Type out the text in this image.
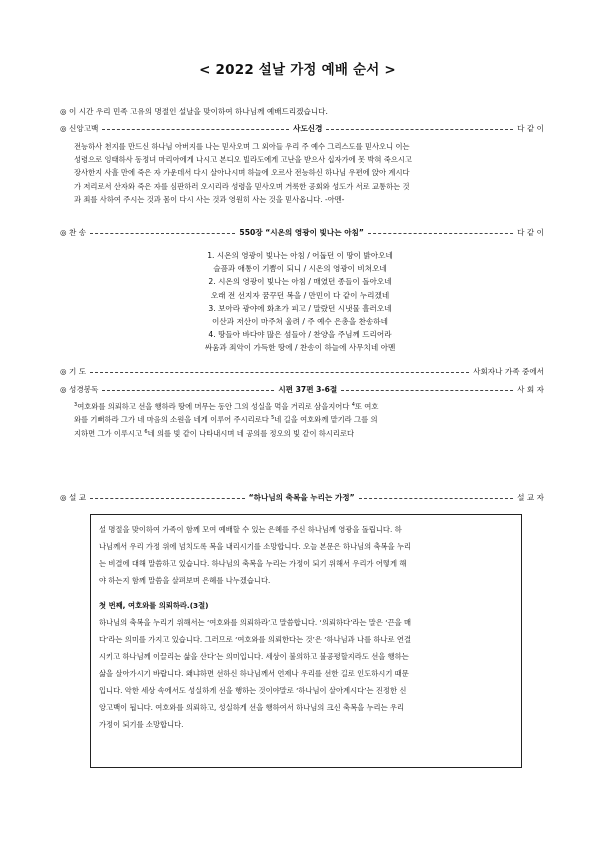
< 2022 설날 가정 예배 순서 >
◎ 이 시간 우리 민족 고유의 명절인 설날을 맞이하여 하나님께 예배드리겠습니다.
◎ 신앙고백	사도신경	다 같 이

전능하사 천지를 만드신 하나님 아버지를 나는 믿사오며 그 외아들 우리 주 예수 그리스도를 믿사오니 이는

성령으로 잉태하사 동정녀 마리아에게 나시고 본디오 빌라도에게 고난을 받으사 십자가에 못 박혀 죽으시고

장사한지 사흘 만에 죽은 자 가운데서 다시 살아나시며 하늘에 오르사 전능하신 하나님 우편에 앉아 계시다

가 저리로서 산자와 죽은 자를 심판하러 오시리라 성령을 믿사오며 거룩한 공회와 성도가 서로 교통하는 것

과 죄를 사하여 주시는 것과 몸이 다시 사는 것과 영원히 사는 것을 믿사옵니다. -아멘-

◎ 찬 송	550장 “시온의 영광이 빛나는 아침”	다 같 이

1. 시온의 영광이 빛나는 아침 / 어둡던 이 땅이 밝아오네

슬픔과 애통이 기쁨이 되니 / 시온의 영광이 비쳐오네

2. 시온의 영광이 빛나는 아침 / 매였던 종들이 돌아오네

오래 전 선지자 꿈꾸던 복을 / 만민이 다 같이 누리겠네

3. 보아라 광야에 화초가 피고 / 말랐던 시냇물 흘러오네

이산과 저산이 마주쳐 울려 / 주 예수 은총을 찬송하네

4. 땅들아 바다야 많은 섬들아 / 찬양을 주님께 드리어라

싸움과 죄악이 가득한 땅에 / 찬송이 하늘에 사무치네 아멘

◎ 기 도	사회자나 가족 중에서
◎ 성경봉독	시편 37편 3-6절	사 회 자

$^3$여호와를 의뢰하고 선을 행하라 땅에 머무는 동안 그의 성실을 먹을 거리로 삼을지어다 $^4$또 여호

와를 기뻐하라 그가 네 마음의 소원을 네게 이루어 주시리로다 $^5$네 길을 여호와께 맡기라 그를 의

지하면 그가 이루시고 $^6$네 의를 빛 같이 나타내시며 네 공의를 정오의 빛 같이 하시리로다

◎ 설 교	“하나님의 축복을 누리는 가정”	설 교 자

설 명절을 맞이하여 가족이 함께 모여 예배할 수 있는 은혜를 주신 하나님께 영광을 돌립니다. 하

나님께서 우리 가정 위에 넘치도록 복을 내리시기를 소망합니다. 오늘 본문은 하나님의 축복을 누리

는 비결에 대해 말씀하고 있습니다. 하나님의 축복을 누리는 가정이 되기 위해서 우리가 어떻게 해

야 하는지 함께 말씀을 살펴보며 은혜를 나누겠습니다.

첫 번째, 여호와를 의뢰하라.(3절)

하나님의 축복을 누리기 위해서는 ‘여호와를 의뢰하라’고 말씀합니다. ‘의뢰하다’라는 말은 ‘끈을 매

다’라는 의미를 가지고 있습니다. 그러므로 ‘여호와를 의뢰한다는 것’은 ‘하나님과 나를 하나로 연결

시키고 하나님께 이끌리는 삶을 산다’는 의미입니다. 세상이 불의하고 불공평할지라도 선을 행하는

삶을 살아가시기 바랍니다. 왜냐하면 선하신 하나님께서 언제나 우리를 선한 길로 인도하시기 때문

입니다. 악한 세상 속에서도 성실하게 선을 행하는 것이야말로 ‘하나님이 살아계시다’는 진정한 신

앙고백이 됩니다. 여호와를 의뢰하고, 성실하게 선을 행하여서 하나님의 크신 축복을 누리는 우리

가정이 되기를 소망합니다.
